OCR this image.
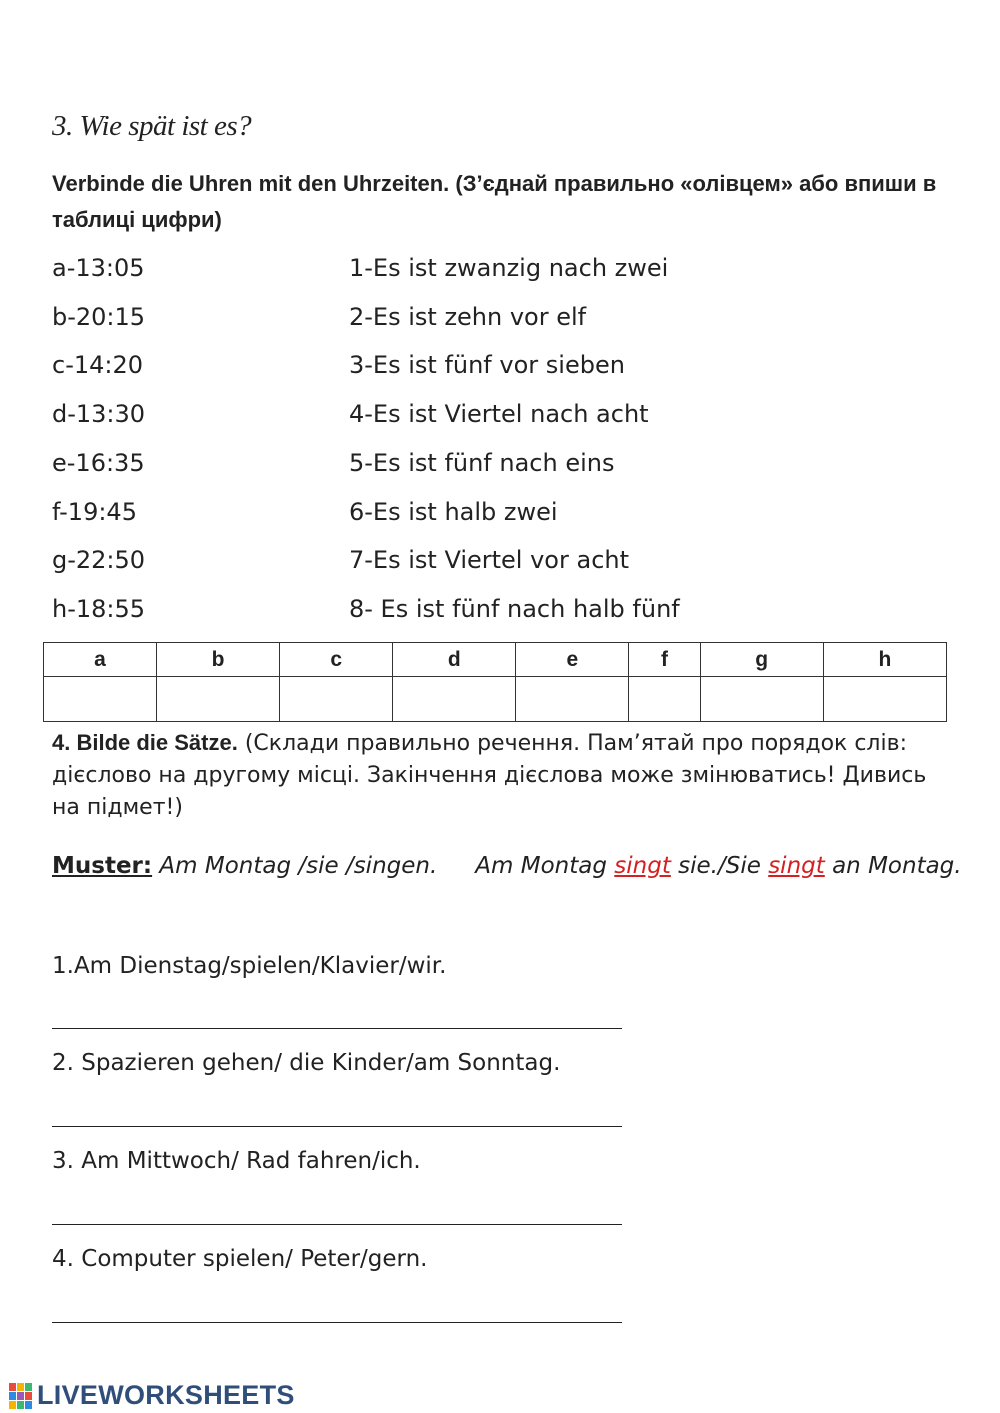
3. Wie spät ist es?
Verbinde die Uhren mit den Uhrzeiten. (З’єднай правильно «олівцем» або впиши в таблиці цифри)
a-13:05	1-Es ist zwanzig nach zwei
b-20:15	2-Es ist zehn vor elf
c-14:20	3-Es ist fünf vor sieben
d-13:30	4-Es ist Viertel nach acht
e-16:35	5-Es ist fünf nach eins
f-19:45	6-Es ist halb zwei
g-22:50	7-Es ist Viertel vor acht
h-18:55	8- Es ist fünf nach halb fünf
a	b	c	d	e	f	g	h

4. Bilde die Sätze. (Склади правильно речення. Пам’ятай про порядок слів: дієслово на другому місці. Закінчення дієслова може змінюватись! Дивись на підмет!)
Muster: Am Montag /sie /singen. Am Montag singt sie./Sie singt an Montag.
1.Am Dienstag/spielen/Klavier/wir.
2. Spazieren gehen/ die Kinder/am Sonntag.
3. Am Mittwoch/ Rad fahren/ich.
4. Computer spielen/ Peter/gern.
LIVEWORKSHEETS
